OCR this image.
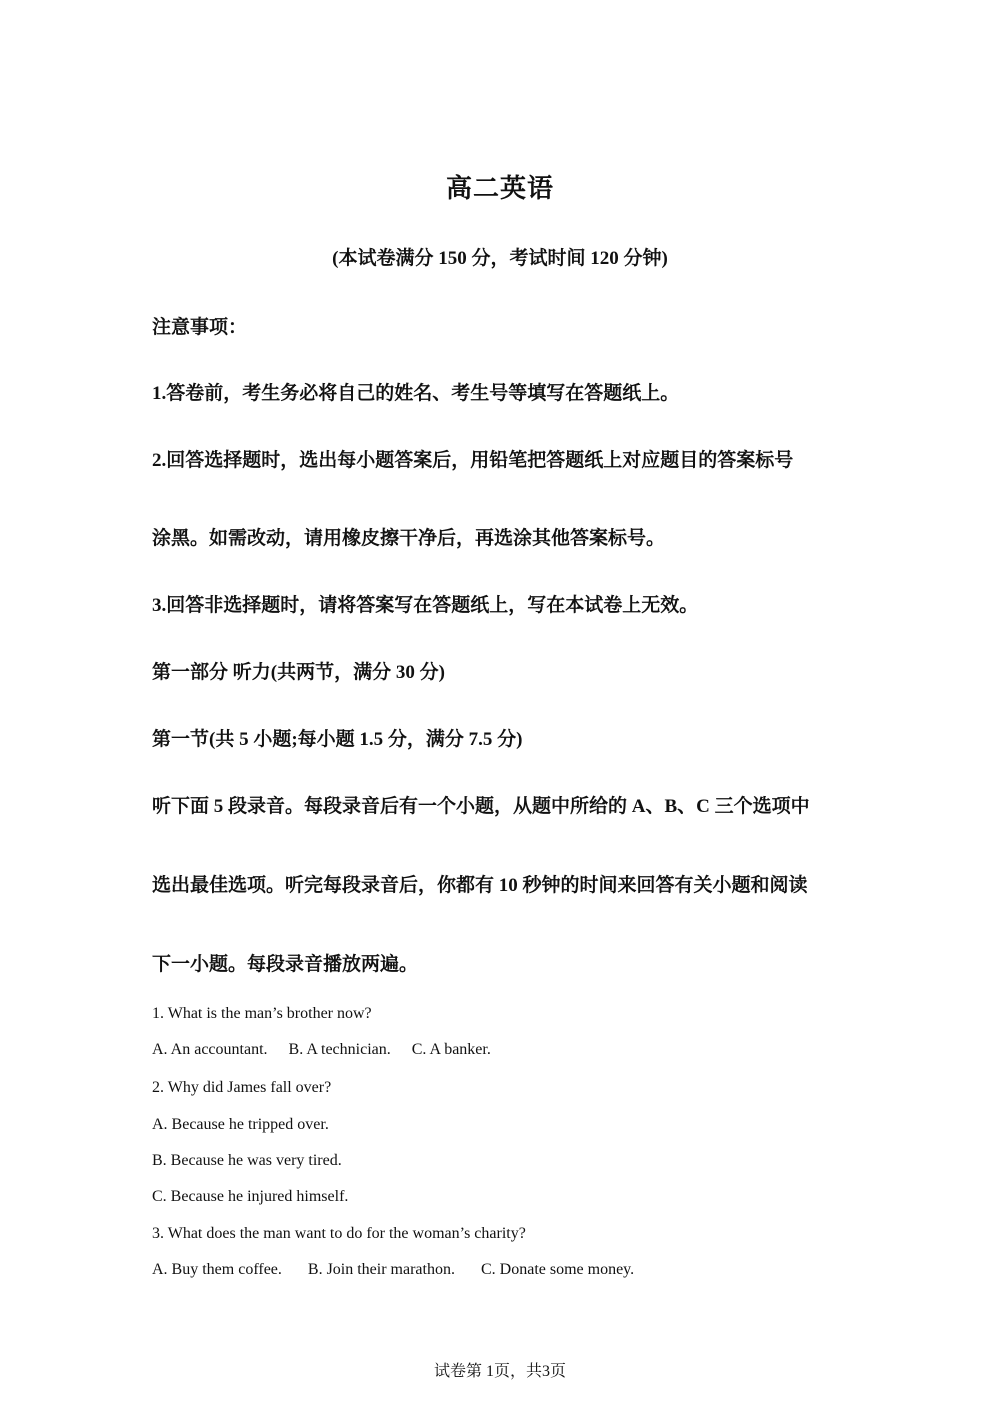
高二英语
(本试卷满分 150 分，考试时间 120 分钟)
注意事项：
1.答卷前，考生务必将自己的姓名、考生号等填写在答题纸上。
2.回答选择题时，选出每小题答案后，用铅笔把答题纸上对应题目的答案标号
涂黑。如需改动，请用橡皮擦干净后，再选涂其他答案标号。
3.回答非选择题时，请将答案写在答题纸上，写在本试卷上无效。
第一部分 听力(共两节，满分 30 分)
第一节(共 5 小题;每小题 1.5 分，满分 7.5 分)
听下面 5 段录音。每段录音后有一个小题，从题中所给的 A、B、C 三个选项中
选出最佳选项。听完每段录音后，你都有 10 秒钟的时间来回答有关小题和阅读
下一小题。每段录音播放两遍。
1. What is the man’s brother now?
A. An accountant. B. A technician. C. A banker.
2. Why did James fall over?
A. Because he tripped over.
B. Because he was very tired.
C. Because he injured himself.
3. What does the man want to do for the woman’s charity?
A. Buy them coffee. B. Join their marathon. C. Donate some money.
试卷第 1页，共3页
